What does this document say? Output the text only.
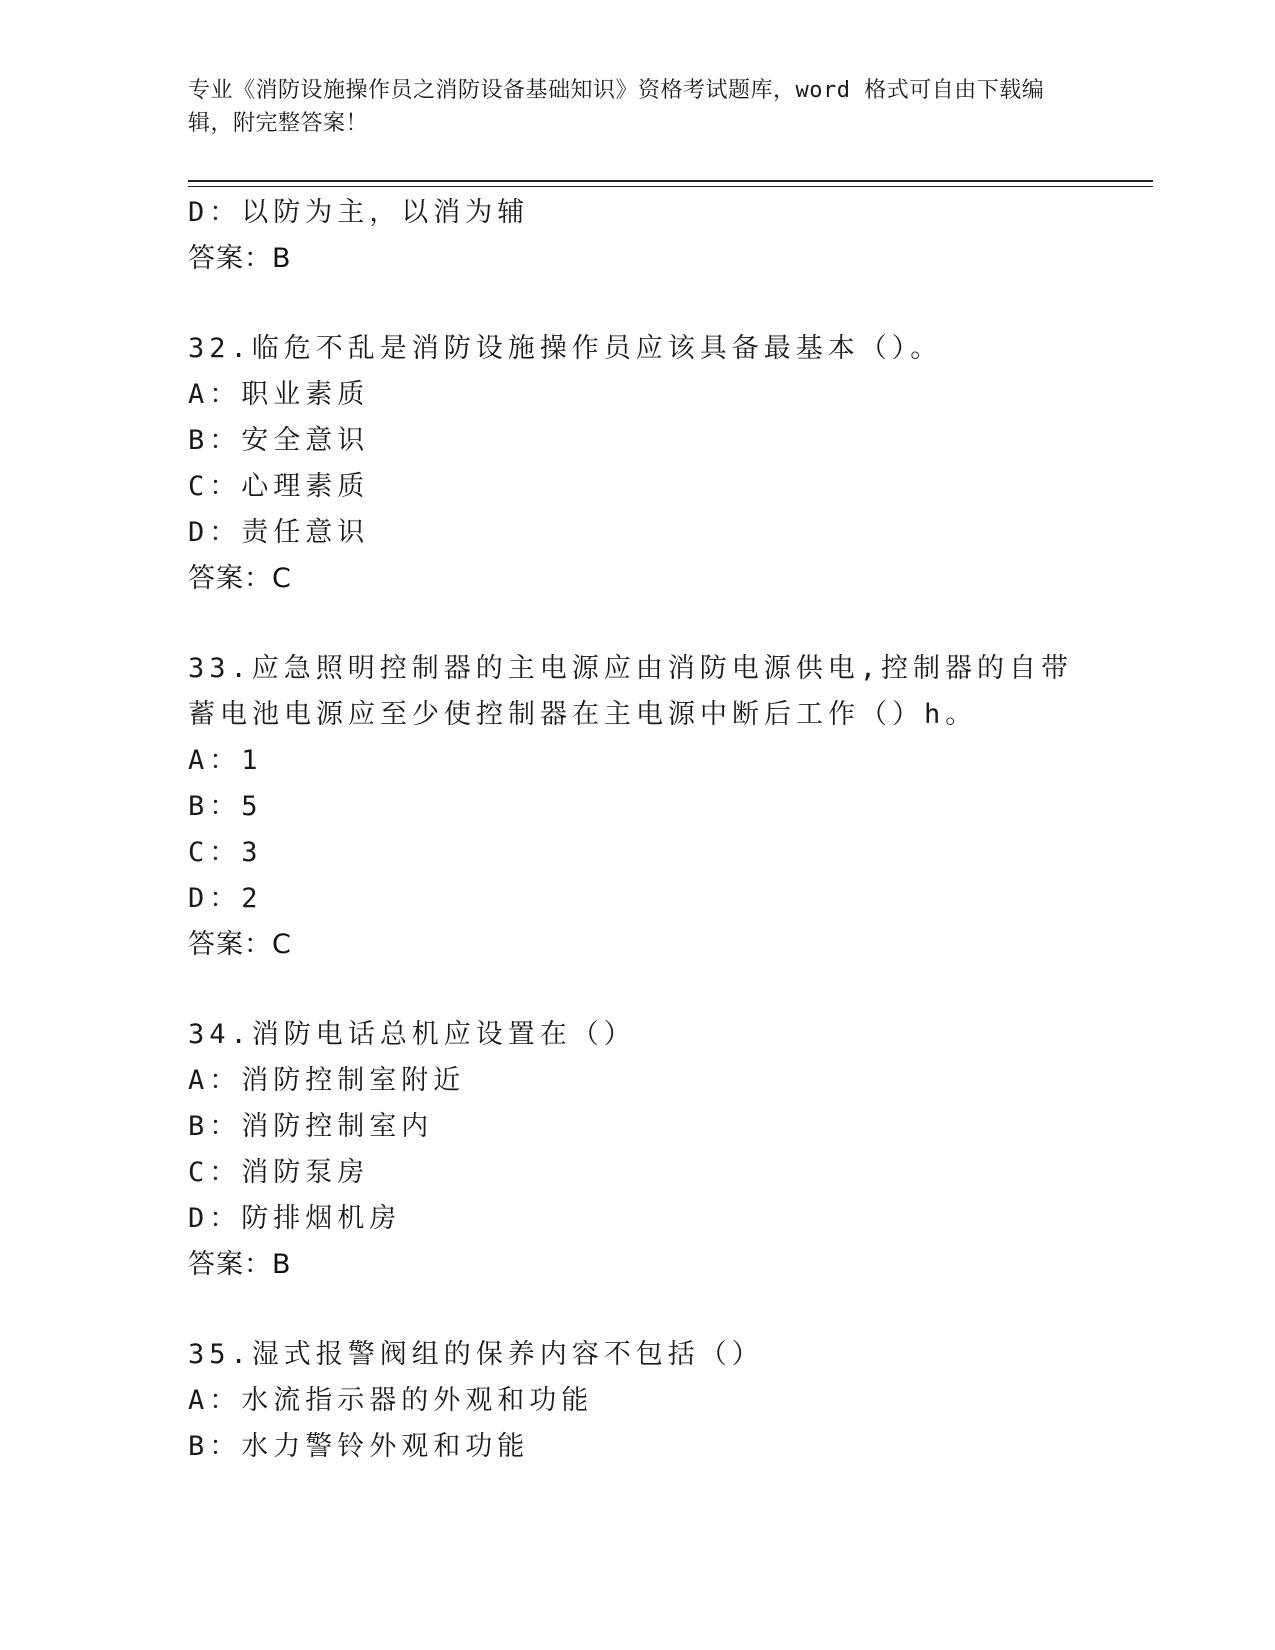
专业《消防设施操作员之消防设备基础知识》资格考试题库，word 格式可自由下载编辑，附完整答案！
D：以防为主，以消为辅
答案：B
32.临危不乱是消防设施操作员应该具备最基本（）。
A：职业素质
B：安全意识
C：心理素质
D：责任意识
答案：C
33.应急照明控制器的主电源应由消防电源供电,控制器的自带蓄电池电源应至少使控制器在主电源中断后工作（）h。
A：1
B：5
C：3
D：2
答案：C
34.消防电话总机应设置在（）
A：消防控制室附近
B：消防控制室内
C：消防泵房
D：防排烟机房
答案：B
35.湿式报警阀组的保养内容不包括（）
A：水流指示器的外观和功能
B：水力警铃外观和功能
